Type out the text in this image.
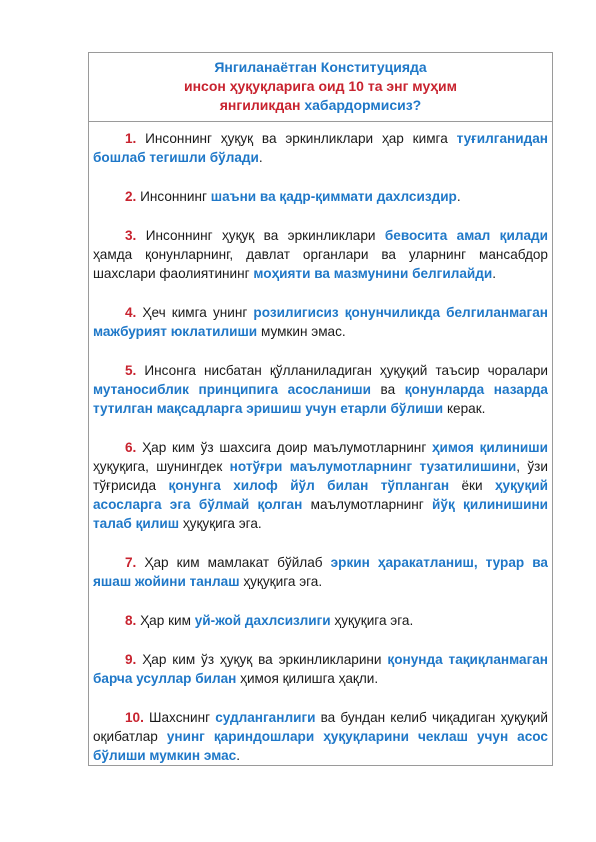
Янгиланаётган Конституцияда
инсон ҳуқуқларига оид 10 та энг муҳим
янгиликдан хабардормисиз?

1. Инсоннинг ҳуқуқ ва эркинликлари ҳар кимга туғилганидан бошлаб тегишли бўлади.

2. Инсоннинг шаъни ва қадр-қиммати дахлсиздир.

3. Инсоннинг ҳуқуқ ва эркинликлари бевосита амал қилади ҳамда қонунларнинг, давлат органлари ва уларнинг мансабдор шахслари фаолиятининг моҳияти ва мазмунини белгилайди.

4. Ҳеч кимга унинг розилигисиз қонунчиликда белгиланмаган мажбурият юклатилиши мумкин эмас.

5. Инсонга нисбатан қўлланиладиган ҳуқуқий таъсир чоралари мутаносиблик принципига асосланиши ва қонунларда назарда тутилган мақсадларга эришиш учун етарли бўлиши керак.

6. Ҳар ким ўз шахсига доир маълумотларнинг ҳимоя қилиниши ҳуқуқига, шунингдек нотўғри маълумотларнинг тузатилишини, ўзи тўғрисида қонунга хилоф йўл билан тўпланган ёки ҳуқуқий асосларга эга бўлмай қолган маълумотларнинг йўқ қилинишини талаб қилиш ҳуқуқига эга.

7. Ҳар ким мамлакат бўйлаб эркин ҳаракатланиш, турар ва яшаш жойини танлаш ҳуқуқига эга.

8. Ҳар ким уй-жой дахлсизлиги ҳуқуқига эга.

9. Ҳар ким ўз ҳуқуқ ва эркинликларини қонунда тақиқланмаган барча усуллар билан ҳимоя қилишга ҳақли.

10. Шахснинг судланганлиги ва бундан келиб чиқадиган ҳуқуқий оқибатлар унинг қариндошлари ҳуқуқларини чеклаш учун асос бўлиши мумкин эмас.
